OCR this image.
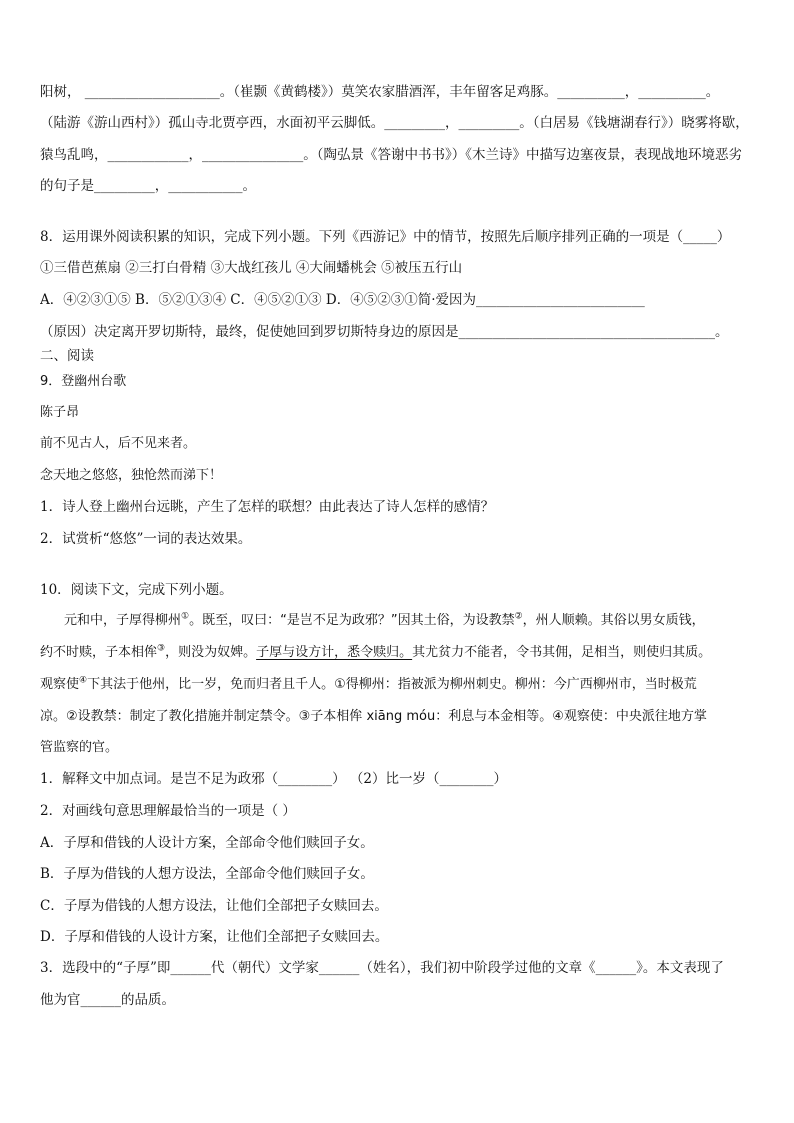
阳树， ____________________。（崔颢《黄鹤楼》）莫笑农家腊酒浑，丰年留客足鸡豚。__________，__________。
（陆游《游山西村》）孤山寺北贾亭西，水面初平云脚低。_________，_________。（白居易《钱塘湖春行》）晓雾将歇，
猿鸟乱鸣，____________，_______________。（陶弘景《答谢中书书》）《木兰诗》中描写边塞夜景，表现战地环境恶劣
的句子是_________，___________。
8．运用课外阅读积累的知识，完成下列小题。下列《西游记》中的情节，按照先后顺序排列正确的一项是（_____）
①三借芭蕉扇 ②三打白骨精 ③大战红孩儿 ④大闹蟠桃会 ⑤被压五行山
A．④②③①⑤ B．⑤②①③④ C．④⑤②①③ D．④⑤②③①简·爱因为_________________________
（原因）决定离开罗切斯特，最终，促使她回到罗切斯特身边的原因是______________________________________。
二、阅读
9．登幽州台歌
陈子昂
前不见古人，后不见来者。
念天地之悠悠，独怆然而涕下！
1．诗人登上幽州台远眺，产生了怎样的联想？由此表达了诗人怎样的感情？
2．试赏析“悠悠”一词的表达效果。
10．阅读下文，完成下列小题。
元和中，子厚得柳州①。既至，叹曰：“是岂不足为政邪？”因其土俗，为设教禁②，州人顺赖。其俗以男女质钱，
约不时赎，子本相侔③，则没为奴婢。子厚与设方计，悉令赎归。其尤贫力不能者，令书其佣，足相当，则使归其质。
观察使④下其法于他州，比一岁，免而归者且千人。①得柳州：指被派为柳州刺史。柳州：今广西柳州市，当时极荒
凉。②设教禁：制定了教化措施并制定禁令。③子本相侔 xiāng móu：利息与本金相等。④观察使：中央派往地方掌
管监察的官。
1．解释文中加点词。是岂不足为政邪（________） （2）比一岁（________）
2．对画线句意思理解最恰当的一项是（ ）
A．子厚和借钱的人设计方案，全部命令他们赎回子女。
B．子厚为借钱的人想方设法，全部命令他们赎回子女。
C．子厚为借钱的人想方设法，让他们全部把子女赎回去。
D．子厚和借钱的人设计方案，让他们全部把子女赎回去。
3．选段中的“子厚”即______代（朝代）文学家______（姓名），我们初中阶段学过他的文章《______》。本文表现了
他为官______的品质。
